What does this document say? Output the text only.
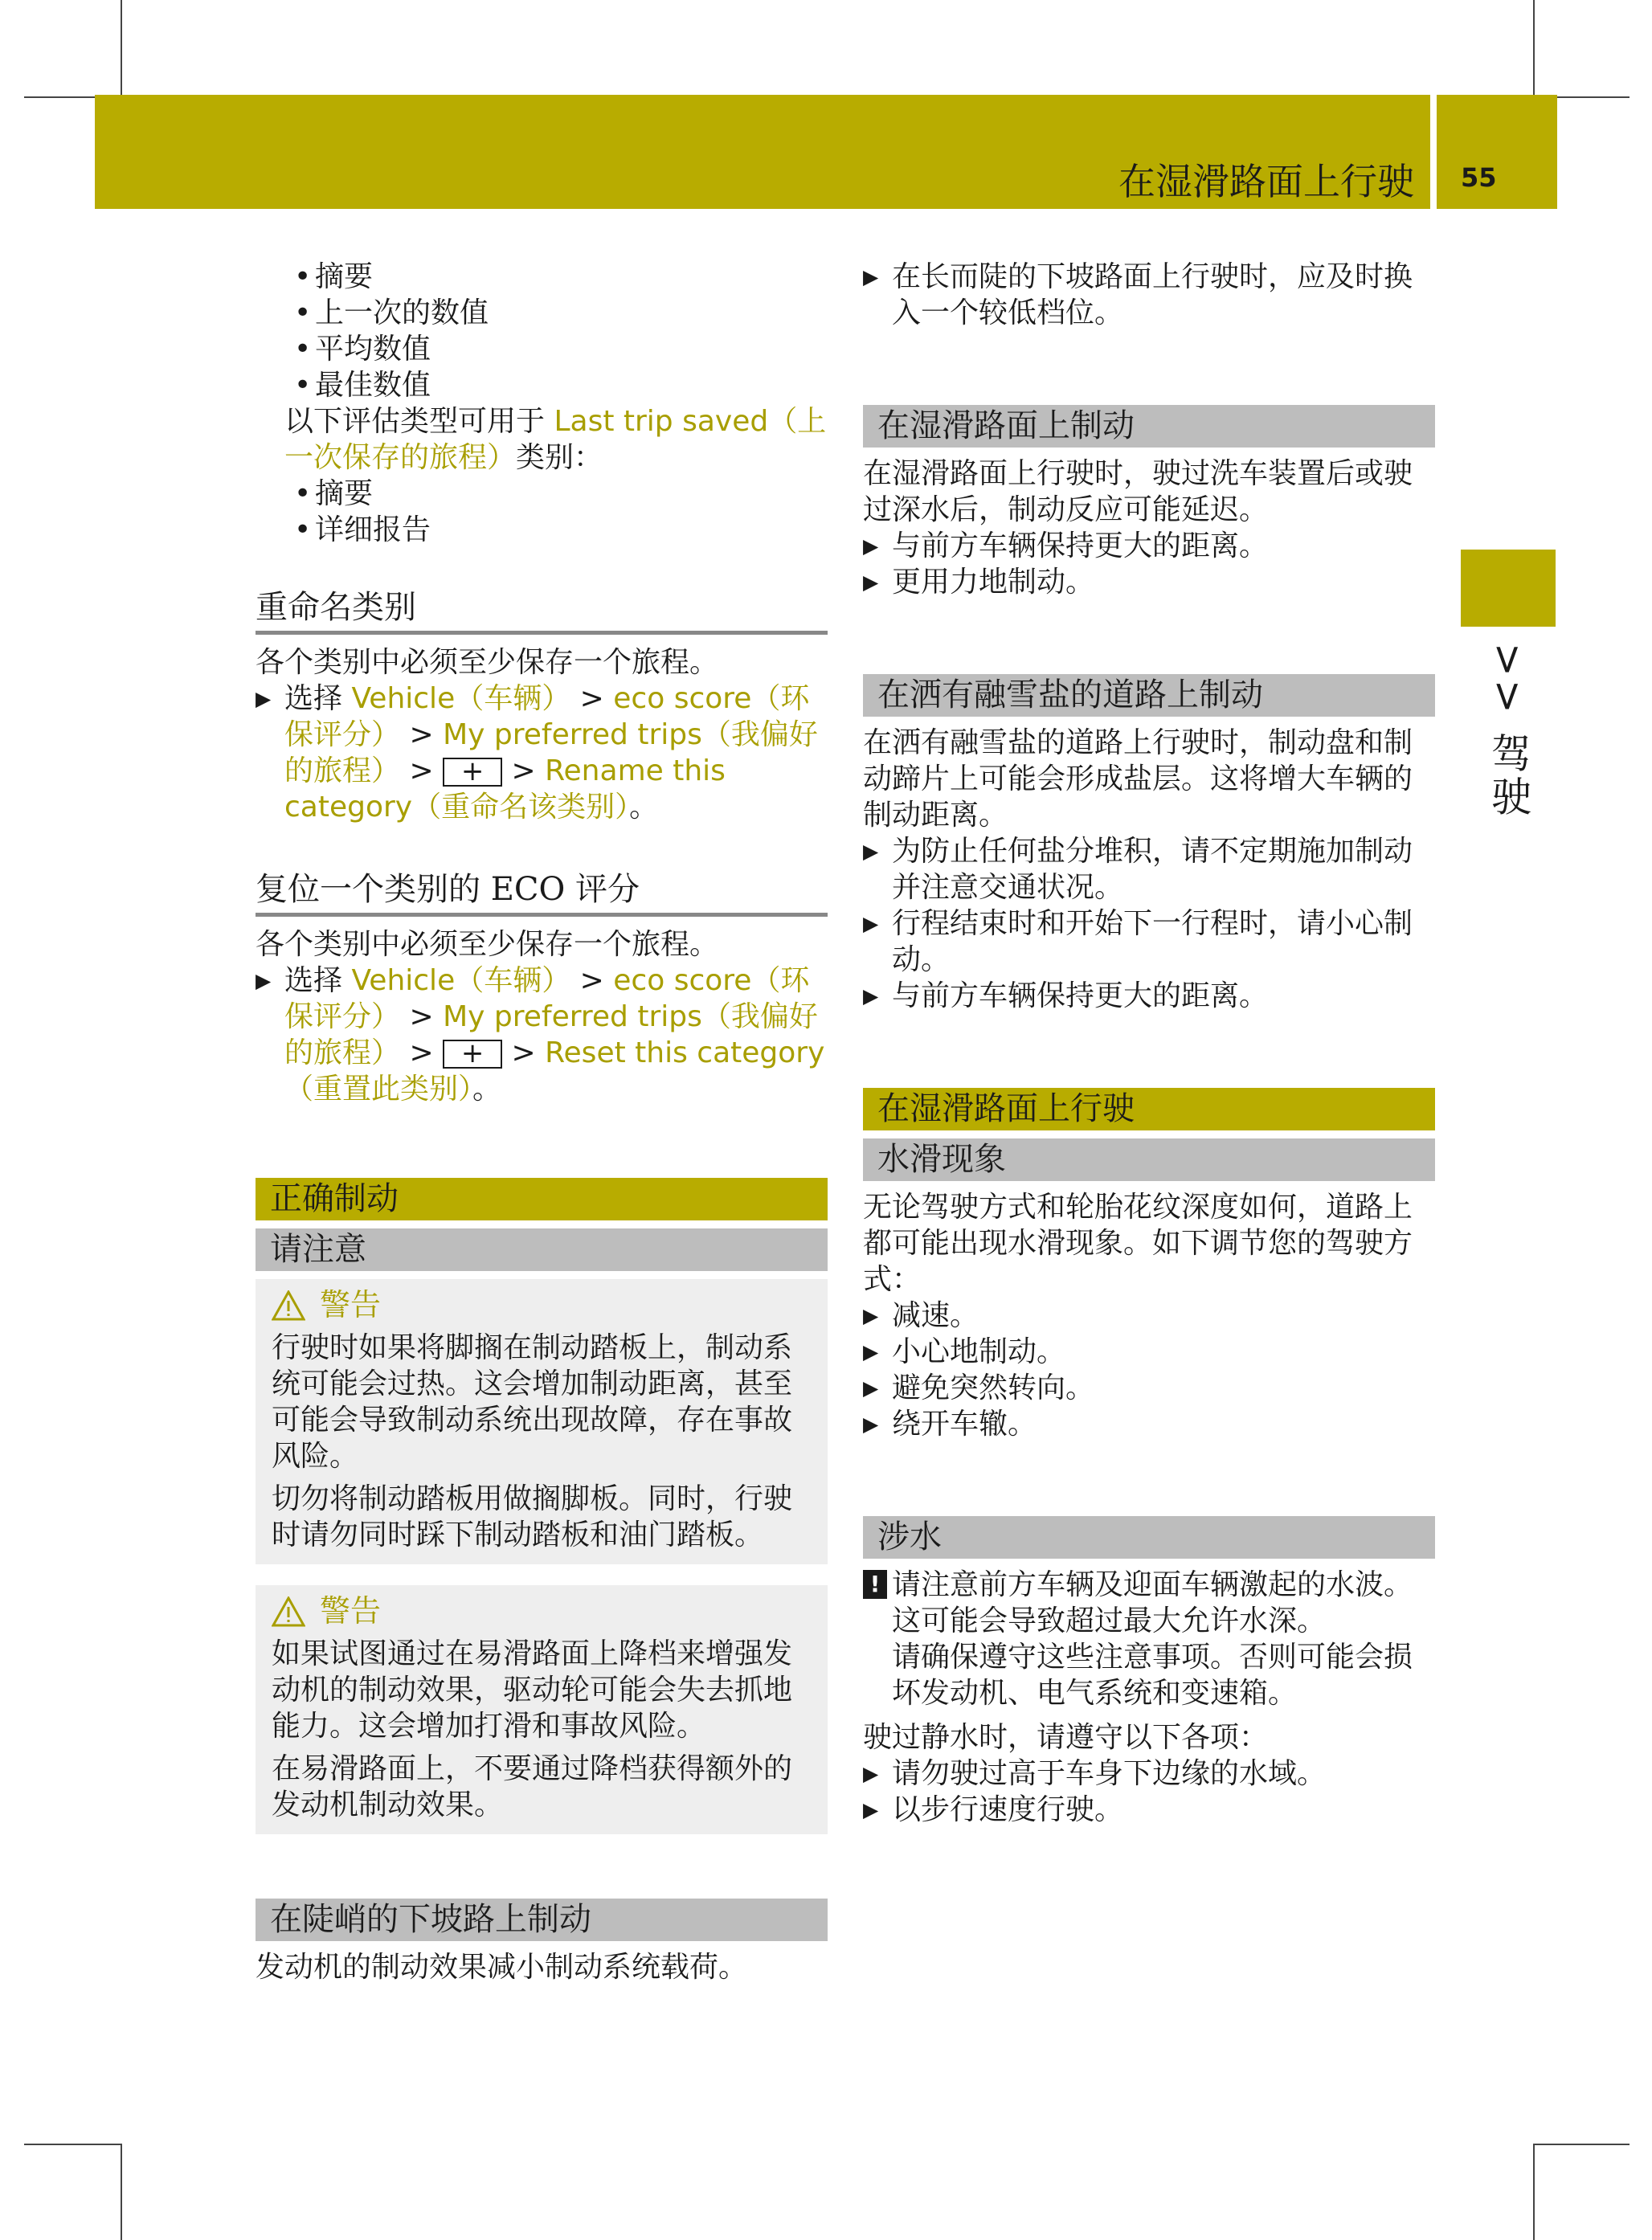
在湿滑路面上行驶 55
>> 驾驶
• 摘要
• 上一次的数值
• 平均数值
• 最佳数值

以下评估类型可用于 Last trip saved（上一次保存的旅程）类别：

• 摘要
• 详细报告
重命名类别

各个类别中必须至少保存一个旅程。

▶ 选择 Vehicle（车辆） > eco score（环保评分） > My preferred trips（我偏好的旅程） > + > Rename this category（重命名该类别）。

复位一个类别的 ECO 评分

各个类别中必须至少保存一个旅程。

▶ 选择 Vehicle（车辆） > eco score（环保评分） > My preferred trips（我偏好的旅程） > + > Reset this category（重置此类别）。

正确制动
请注意
警告

行驶时如果将脚搁在制动踏板上，制动系统可能会过热。这会增加制动距离，甚至可能会导致制动系统出现故障，存在事故风险。

切勿将制动踏板用做搁脚板。同时，行驶时请勿同时踩下制动踏板和油门踏板。

警告

如果试图通过在易滑路面上降档来增强发动机的制动效果，驱动轮可能会失去抓地能力。这会增加打滑和事故风险。

在易滑路面上，不要通过降档获得额外的发动机制动效果。

在陡峭的下坡路上制动

发动机的制动效果减小制动系统载荷。

▶ 在长而陡的下坡路面上行驶时，应及时换入一个较低档位。

在湿滑路面上制动

在湿滑路面上行驶时，驶过洗车装置后或驶过深水后，制动反应可能延迟。

▶ 与前方车辆保持更大的距离。

▶ 更用力地制动。

在洒有融雪盐的道路上制动

在洒有融雪盐的道路上行驶时，制动盘和制动蹄片上可能会形成盐层。这将增大车辆的制动距离。

▶ 为防止任何盐分堆积，请不定期施加制动并注意交通状况。

▶ 行程结束时和开始下一行程时，请小心制动。

▶ 与前方车辆保持更大的距离。

在湿滑路面上行驶
水滑现象

无论驾驶方式和轮胎花纹深度如何，道路上都可能出现水滑现象。如下调节您的驾驶方式：

▶ 减速。

▶ 小心地制动。

▶ 避免突然转向。

▶ 绕开车辙。

涉水
! 请注意前方车辆及迎面车辆激起的水波。这可能会导致超过最大允许水深。

请确保遵守这些注意事项。否则可能会损坏发动机、电气系统和变速箱。

驶过静水时，请遵守以下各项：

▶ 请勿驶过高于车身下边缘的水域。

▶ 以步行速度行驶。
